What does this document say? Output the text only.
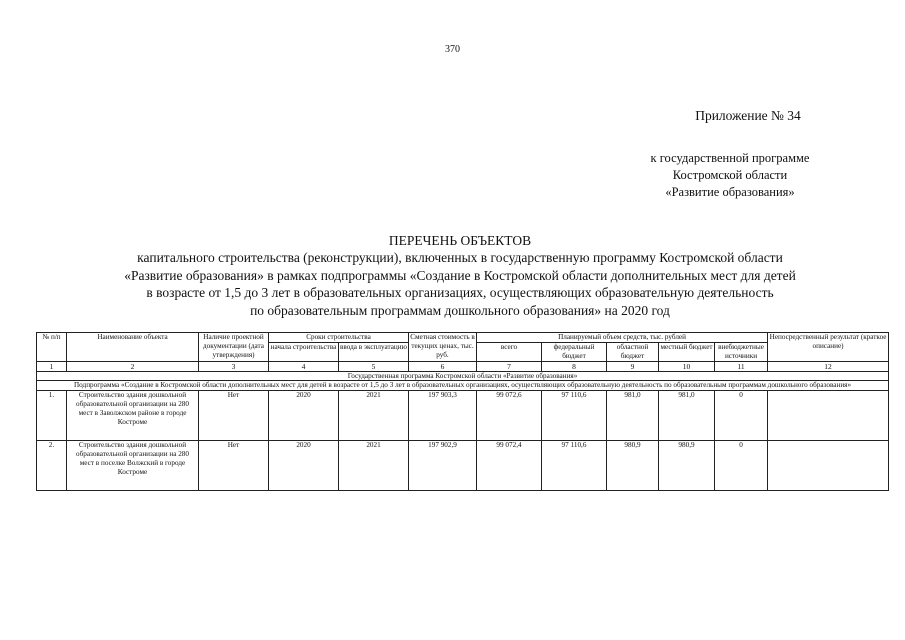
370
Приложение № 34
к государственной программе
Костромской области
«Развитие образования»
ПЕРЕЧЕНЬ ОБЪЕКТОВ
капитального строительства (реконструкции), включенных в государственную программу Костромской области
«Развитие образования» в рамках подпрограммы «Создание в Костромской области дополнительных мест для детей
в возрасте от 1,5 до 3 лет в образовательных организациях, осуществляющих образовательную деятельность
по образовательным программам дошкольного образования» на 2020 год
№ п/п	Наименование объекта	Наличие проектной документации (дата утверждения)	Сроки строительства		Сметная стоимость в текущих ценах, тыс. руб.	Планируемый объем средств, тыс. рублей					Непосредственный результат (краткое описание)
			начала строительства	ввода в эксплуатацию		всего	федеральный бюджет	областной бюджет	местный бюджет	внебюджетные источники	
1	2	3	4	5	6	7	8	9	10	11	12
Государственная программа Костромской области «Развитие образования»											
Подпрограмма «Создание в Костромской области дополнительных мест для детей в возрасте от 1,5 до 3 лет в образовательных организациях, осуществляющих образовательную деятельность по образовательным программам дошкольного образования»											
1.	Строительство здания дошкольной образовательной организации на 280 мест в Заволжском районе в городе Костроме	Нет	2020	2021	197 903,3	99 072,6	97 110,6	981,0	981,0	0	
2.	Строительство здания дошкольной образовательной организации на 280 мест в поселке Волжский в городе Костроме	Нет	2020	2021	197 902,9	99 072,4	97 110,6	980,9	980,9	0	
